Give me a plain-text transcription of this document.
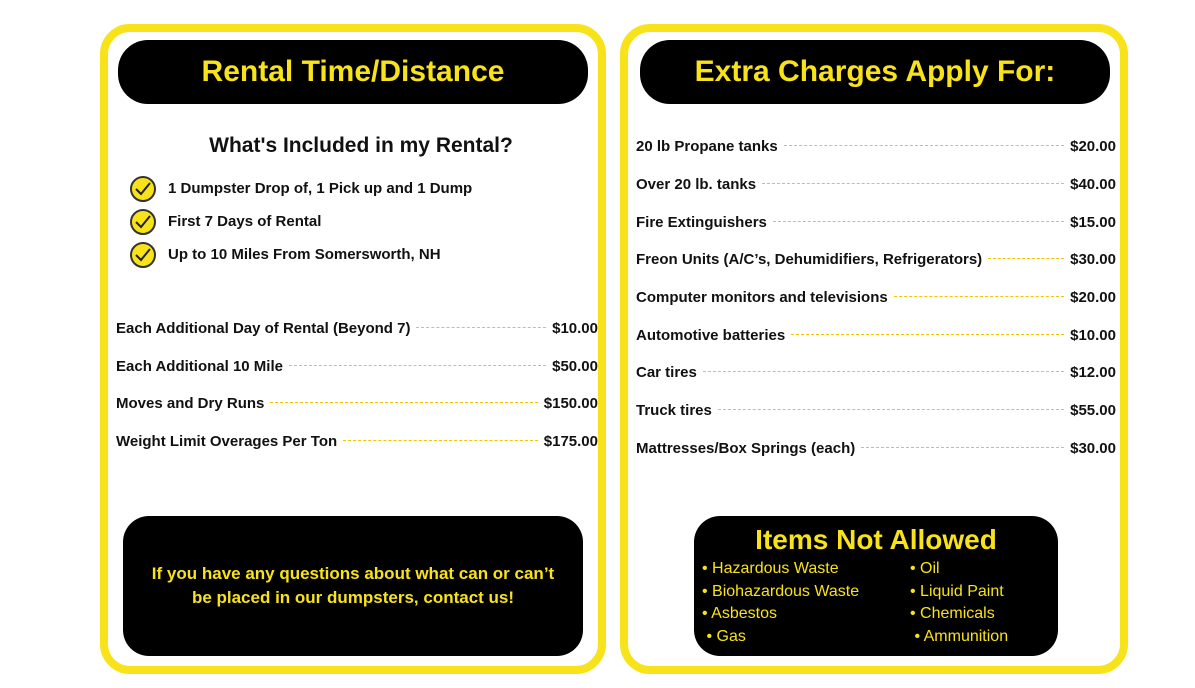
Rental Time/Distance
What's Included in my Rental?
1 Dumpster Drop of, 1 Pick up and 1 Dump
First 7 Days of Rental
Up to 10 Miles From Somersworth, NH
Each Additional Day of Rental (Beyond 7)	$10.00
Each Additional 10 Mile	$50.00
Moves and Dry Runs	$150.00
Weight Limit Overages Per Ton	$175.00
If you have any questions about what can or can’t be placed in our dumpsters, contact us!
Extra Charges Apply For:
20 lb Propane tanks	$20.00
Over 20 lb. tanks	$40.00
Fire Extinguishers	$15.00
Freon Units (A/C’s, Dehumidifiers, Refrigerators)	$30.00
Computer monitors and televisions	$20.00
Automotive batteries	$10.00
Car tires	$12.00
Truck tires	$55.00
Mattresses/Box Springs (each)	$30.00
Items Not Allowed
• Hazardous Waste
• Biohazardous Waste
• Asbestos
• Gas
• Oil
• Liquid Paint
• Chemicals
• Ammunition
